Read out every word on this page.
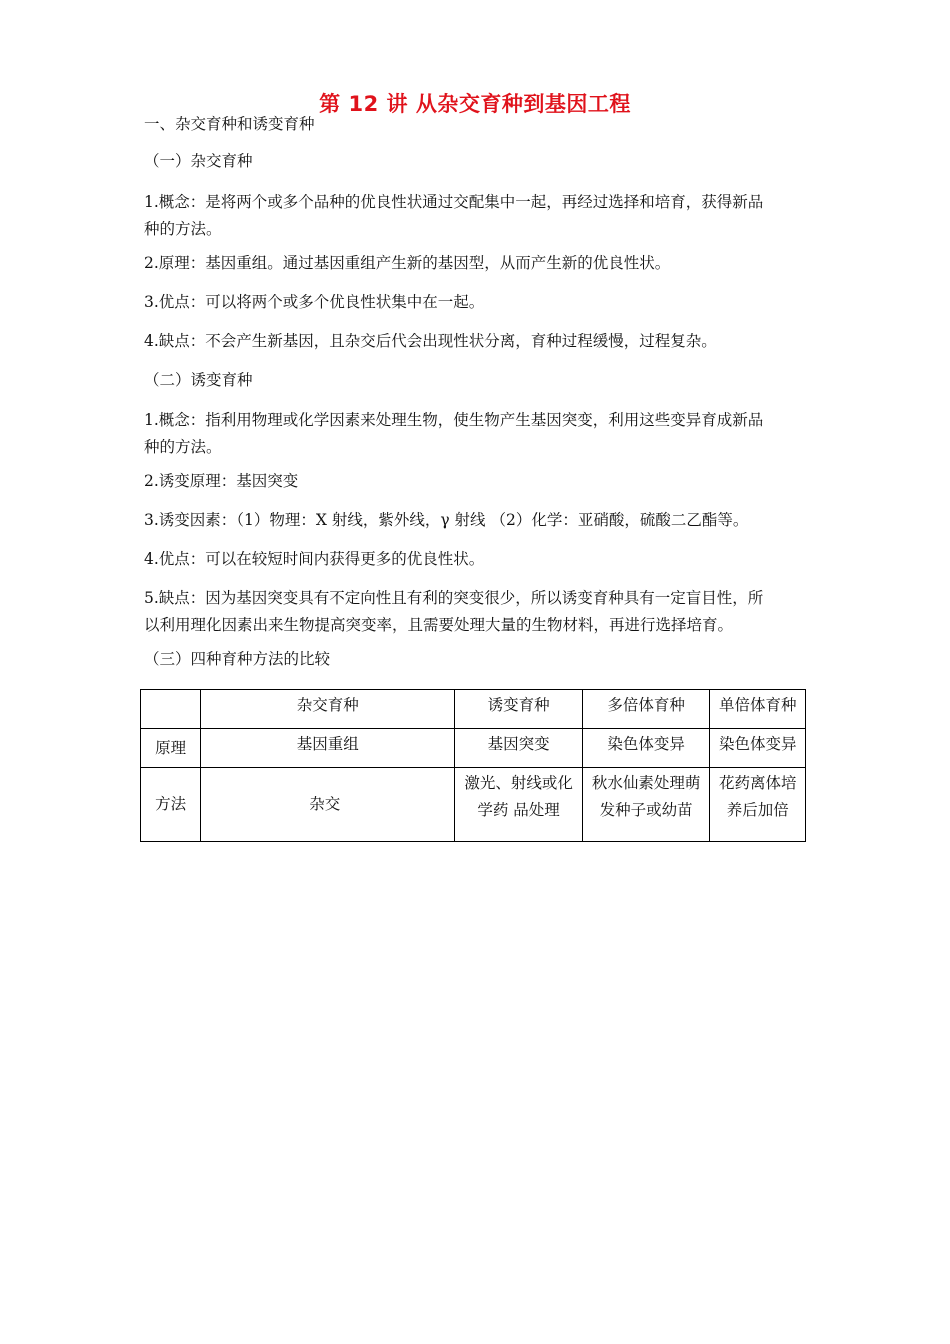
第 12 讲 从杂交育种到基因工程
一、杂交育种和诱变育种
（一）杂交育种
1.概念：是将两个或多个品种的优良性状通过交配集中一起，再经过选择和培育，获得新品
种的方法。
2.原理：基因重组。通过基因重组产生新的基因型，从而产生新的优良性状。
3.优点：可以将两个或多个优良性状集中在一起。
4.缺点：不会产生新基因，且杂交后代会出现性状分离，育种过程缓慢，过程复杂。
（二）诱变育种
1.概念：指利用物理或化学因素来处理生物，使生物产生基因突变，利用这些变异育成新品
种的方法。
2.诱变原理：基因突变
3.诱变因素：（1）物理：X 射线，紫外线，γ 射线 （2）化学：亚硝酸，硫酸二乙酯等。
4.优点：可以在较短时间内获得更多的优良性状。
5.缺点：因为基因突变具有不定向性且有利的突变很少，所以诱变育种具有一定盲目性，所
以利用理化因素出来生物提高突变率，且需要处理大量的生物材料，再进行选择培育。
（三）四种育种方法的比较
	杂交育种	诱变育种	多倍体育种	单倍体育种
原理	基因重组	基因突变	染色体变异	染色体变异
方法	杂交	激光、射线或化学药 品处理	秋水仙素处理萌发种子或幼苗	花药离体培养后加倍
